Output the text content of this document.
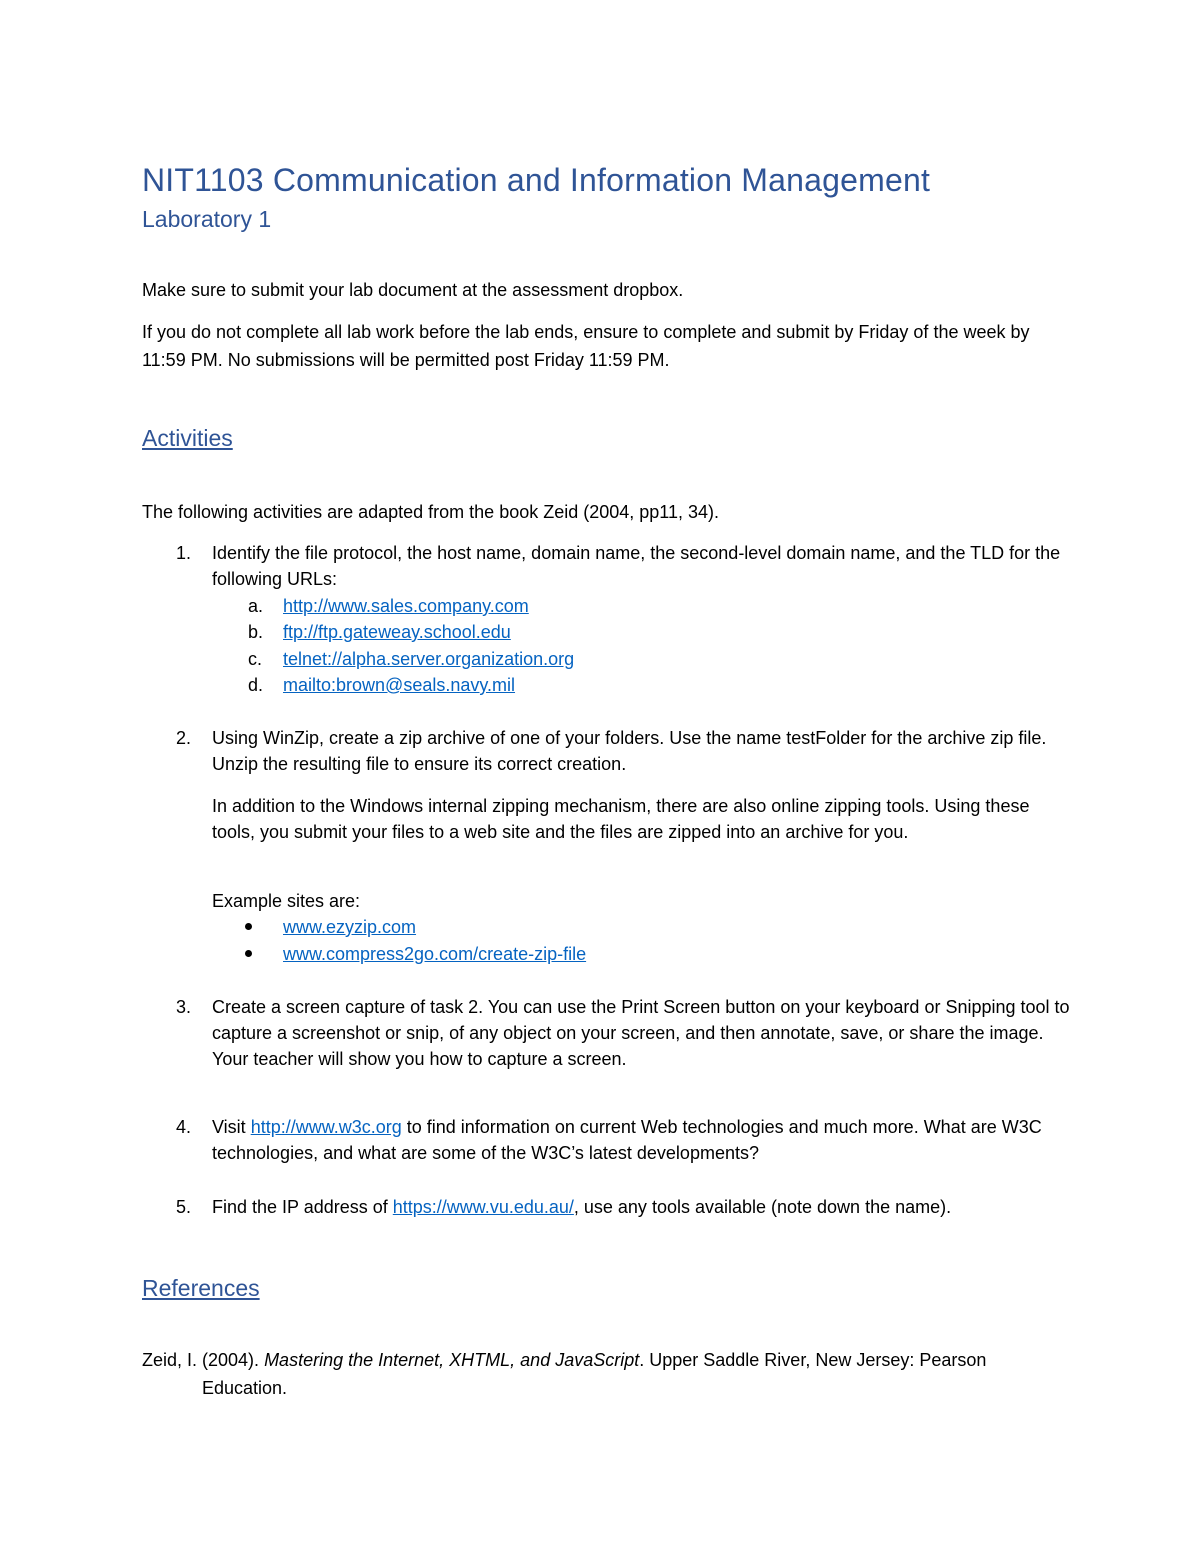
NIT1103 Communication and Information Management
Laboratory 1

Make sure to submit your lab document at the assessment dropbox.

If you do not complete all lab work before the lab ends, ensure to complete and submit by Friday of the week by 11:59 PM. No submissions will be permitted post Friday 11:59 PM.

Activities

The following activities are adapted from the book Zeid (2004, pp11, 34).

1. Identify the file protocol, the host name, domain name, the second-level domain name, and the TLD for the following URLs:

a. http://www.sales.company.com
b. ftp://ftp.gateweay.school.edu
c. telnet://alpha.server.organization.org
d. mailto:brown@seals.navy.mil
2. Using WinZip, create a zip archive of one of your folders. Use the name testFolder for the archive zip file. Unzip the resulting file to ensure its correct creation.

In addition to the Windows internal zipping mechanism, there are also online zipping tools. Using these tools, you submit your files to a web site and the files are zipped into an archive for you.

Example sites are:

www.ezyzip.com
www.compress2go.com/create-zip-file
3. Create a screen capture of task 2. You can use the Print Screen button on your keyboard or Snipping tool to capture a screenshot or snip, of any object on your screen, and then annotate, save, or share the image. Your teacher will show you how to capture a screen.

4. Visit http://www.w3c.org to find information on current Web technologies and much more. What are W3C technologies, and what are some of the W3C’s latest developments?

5. Find the IP address of https://www.vu.edu.au/, use any tools available (note down the name).

References

Zeid, I. (2004). Mastering the Internet, XHTML, and JavaScript. Upper Saddle River, New Jersey: Pearson Education.
